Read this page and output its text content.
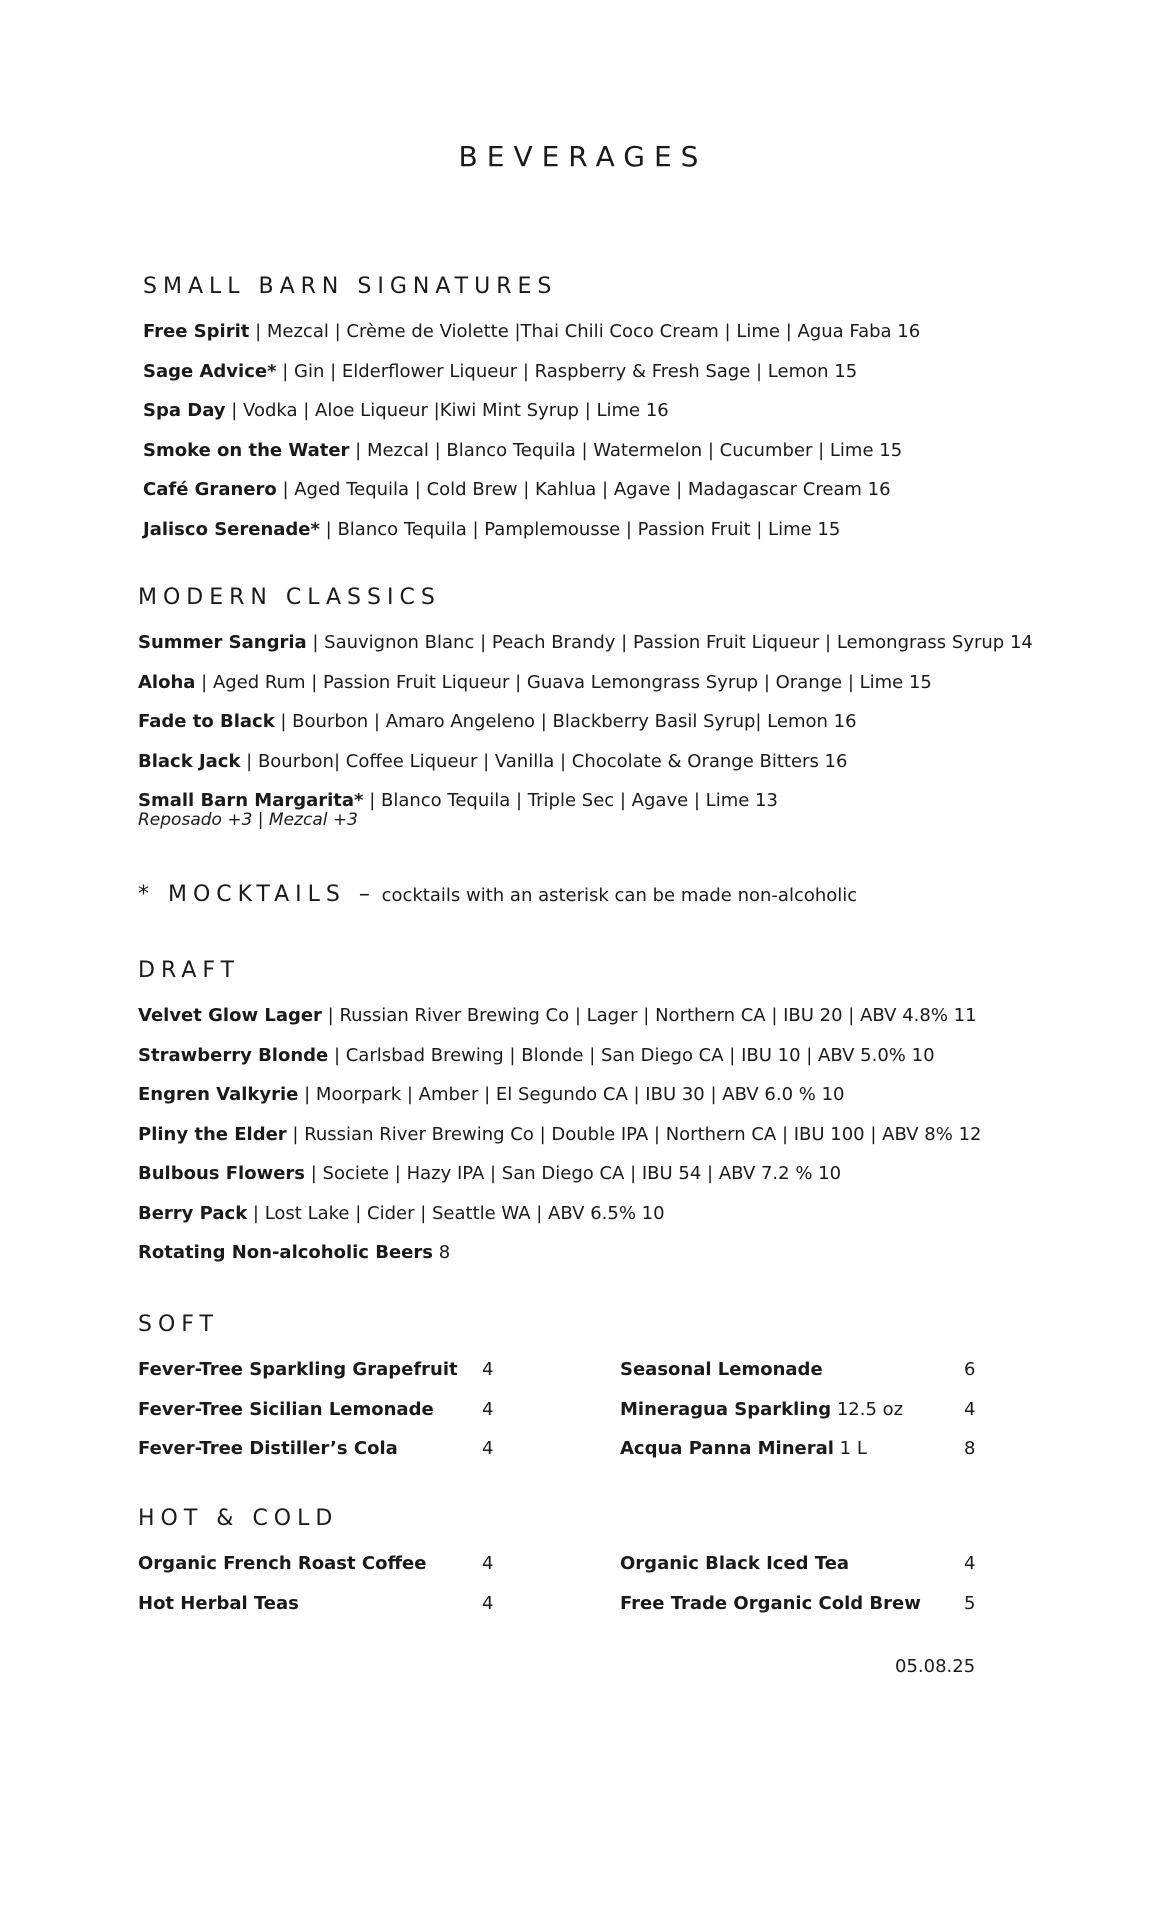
BEVERAGES
SMALL BARN SIGNATURES
Free Spirit | Mezcal | Crème de Violette |Thai Chili Coco Cream | Lime | Agua Faba 16
Sage Advice* | Gin | Elderflower Liqueur | Raspberry & Fresh Sage | Lemon 15
Spa Day | Vodka | Aloe Liqueur |Kiwi Mint Syrup | Lime 16
Smoke on the Water | Mezcal | Blanco Tequila | Watermelon | Cucumber | Lime 15
Café Granero | Aged Tequila | Cold Brew | Kahlua | Agave | Madagascar Cream 16
Jalisco Serenade* | Blanco Tequila | Pamplemousse | Passion Fruit | Lime 15
MODERN CLASSICS
Summer Sangria | Sauvignon Blanc | Peach Brandy | Passion Fruit Liqueur | Lemongrass Syrup 14
Aloha | Aged Rum | Passion Fruit Liqueur | Guava Lemongrass Syrup | Orange | Lime 15
Fade to Black | Bourbon | Amaro Angeleno | Blackberry Basil Syrup| Lemon 16
Black Jack | Bourbon| Coffee Liqueur | Vanilla | Chocolate & Orange Bitters 16
Small Barn Margarita* | Blanco Tequila | Triple Sec | Agave | Lime 13
Reposado +3 | Mezcal +3
* MOCKTAILS – cocktails with an asterisk can be made non-alcoholic
DRAFT
Velvet Glow Lager | Russian River Brewing Co | Lager | Northern CA | IBU 20 | ABV 4.8% 11
Strawberry Blonde | Carlsbad Brewing | Blonde | San Diego CA | IBU 10 | ABV 5.0% 10
Engren Valkyrie | Moorpark | Amber | El Segundo CA | IBU 30 | ABV 6.0 % 10
Pliny the Elder | Russian River Brewing Co | Double IPA | Northern CA | IBU 100 | ABV 8% 12
Bulbous Flowers | Societe | Hazy IPA | San Diego CA | IBU 54 | ABV 7.2 % 10
Berry Pack | Lost Lake | Cider | Seattle WA | ABV 6.5% 10
Rotating Non-alcoholic Beers 8
SOFT
Fever-Tree Sparkling Grapefruit 4	Seasonal Lemonade	6
Fever-Tree Sicilian Lemonade	4	Mineragua Sparkling 12.5 oz	4
Fever-Tree Distiller’s Cola	4	Acqua Panna Mineral 1 L	8
HOT & COLD
Organic French Roast Coffee	4	Organic Black Iced Tea	4
Hot Herbal Teas	4	Free Trade Organic Cold Brew 5
05.08.25
